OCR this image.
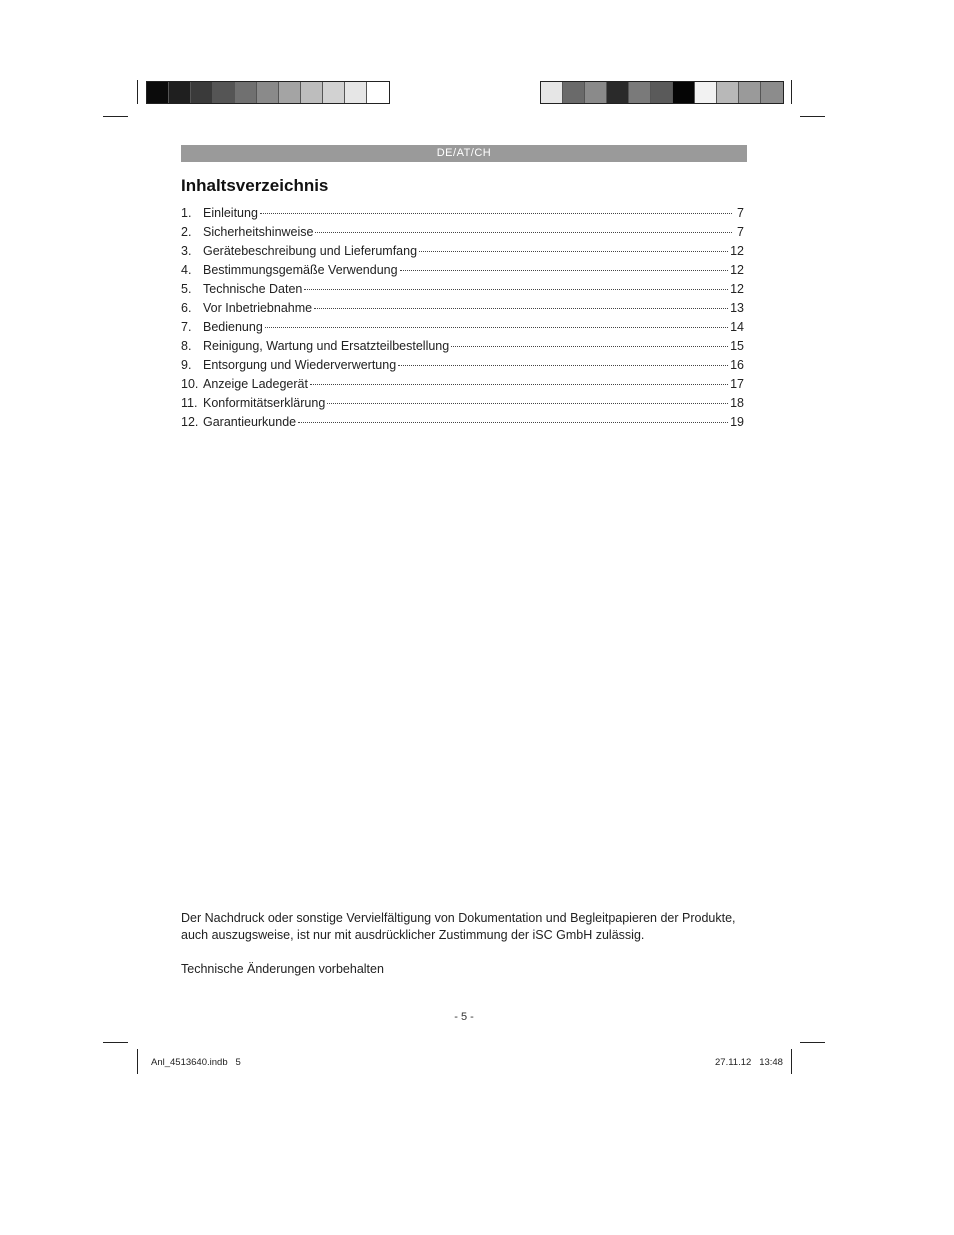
DE/AT/CH
Inhaltsverzeichnis
1. Einleitung	7
2. Sicherheitshinweise	7
3. Gerätebeschreibung und Lieferumfang	12
4. Bestimmungsgemäße Verwendung	12
5. Technische Daten	12
6. Vor Inbetriebnahme	13
7. Bedienung	14
8. Reinigung, Wartung und Ersatzteilbestellung	15
9. Entsorgung und Wiederverwertung	16
10. Anzeige Ladegerät	17
11. Konformitätserklärung	18
12. Garantieurkunde	19
Der Nachdruck oder sonstige Vervielfältigung von Dokumentation und Begleitpapieren der Produkte,
auch auszugsweise, ist nur mit ausdrücklicher Zustimmung der iSC GmbH zulässig.
Technische Änderungen vorbehalten
- 5 -
Anl_4513640.indb   5	27.11.12   13:48
